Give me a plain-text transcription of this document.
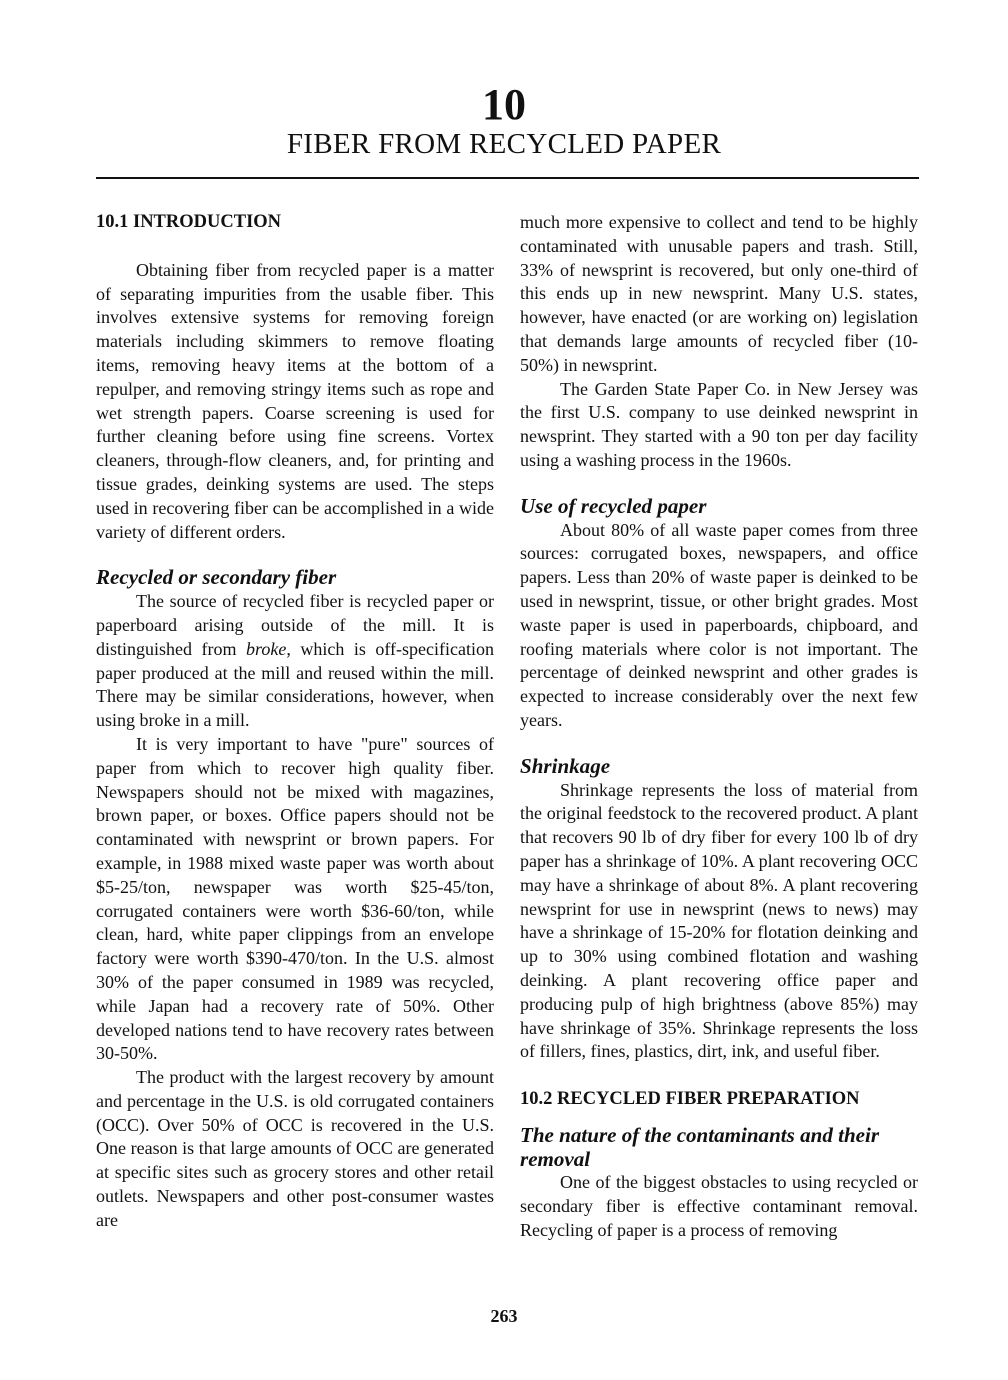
10
FIBER FROM RECYCLED PAPER
10.1 INTRODUCTION

Obtaining fiber from recycled paper is a matter of separating impurities from the usable fiber. This involves extensive systems for removing foreign materials including skimmers to remove floating items, removing heavy items at the bottom of a repulper, and removing stringy items such as rope and wet strength papers. Coarse screening is used for further cleaning before using fine screens. Vortex cleaners, through-flow cleaners, and, for printing and tissue grades, deinking systems are used. The steps used in recovering fiber can be accomplished in a wide variety of different orders.

Recycled or secondary fiber

The source of recycled fiber is recycled paper or paperboard arising outside of the mill. It is distinguished from broke, which is off-specification paper produced at the mill and reused within the mill. There may be similar considerations, however, when using broke in a mill.

It is very important to have "pure" sources of paper from which to recover high quality fiber. Newspapers should not be mixed with magazines, brown paper, or boxes. Office papers should not be contaminated with newsprint or brown papers. For example, in 1988 mixed waste paper was worth about $5-25/ton, newspaper was worth $25-45/ton, corrugated containers were worth $36-60/ton, while clean, hard, white paper clippings from an envelope factory were worth $390-470/ton. In the U.S. almost 30% of the paper consumed in 1989 was recycled, while Japan had a recovery rate of 50%. Other developed nations tend to have recovery rates between 30-50%.

The product with the largest recovery by amount and percentage in the U.S. is old corrugated containers (OCC). Over 50% of OCC is recovered in the U.S. One reason is that large amounts of OCC are generated at specific sites such as grocery stores and other retail outlets. Newspapers and other post-consumer wastes are

much more expensive to collect and tend to be highly contaminated with unusable papers and trash. Still, 33% of newsprint is recovered, but only one-third of this ends up in new newsprint. Many U.S. states, however, have enacted (or are working on) legislation that demands large amounts of recycled fiber (10-50%) in newsprint.

The Garden State Paper Co. in New Jersey was the first U.S. company to use deinked newsprint in newsprint. They started with a 90 ton per day facility using a washing process in the 1960s.

Use of recycled paper

About 80% of all waste paper comes from three sources: corrugated boxes, newspapers, and office papers. Less than 20% of waste paper is deinked to be used in newsprint, tissue, or other bright grades. Most waste paper is used in paperboards, chipboard, and roofing materials where color is not important. The percentage of deinked newsprint and other grades is expected to increase considerably over the next few years.

Shrinkage

Shrinkage represents the loss of material from the original feedstock to the recovered product. A plant that recovers 90 lb of dry fiber for every 100 lb of dry paper has a shrinkage of 10%. A plant recovering OCC may have a shrinkage of about 8%. A plant recovering newsprint for use in newsprint (news to news) may have a shrinkage of 15-20% for flotation deinking and up to 30% using combined flotation and washing deinking. A plant recovering office paper and producing pulp of high brightness (above 85%) may have shrinkage of 35%. Shrinkage represents the loss of fillers, fines, plastics, dirt, ink, and useful fiber.

10.2 RECYCLED FIBER PREPARATION
The nature of the contaminants and their removal

One of the biggest obstacles to using recycled or secondary fiber is effective contaminant removal. Recycling of paper is a process of removing

263
